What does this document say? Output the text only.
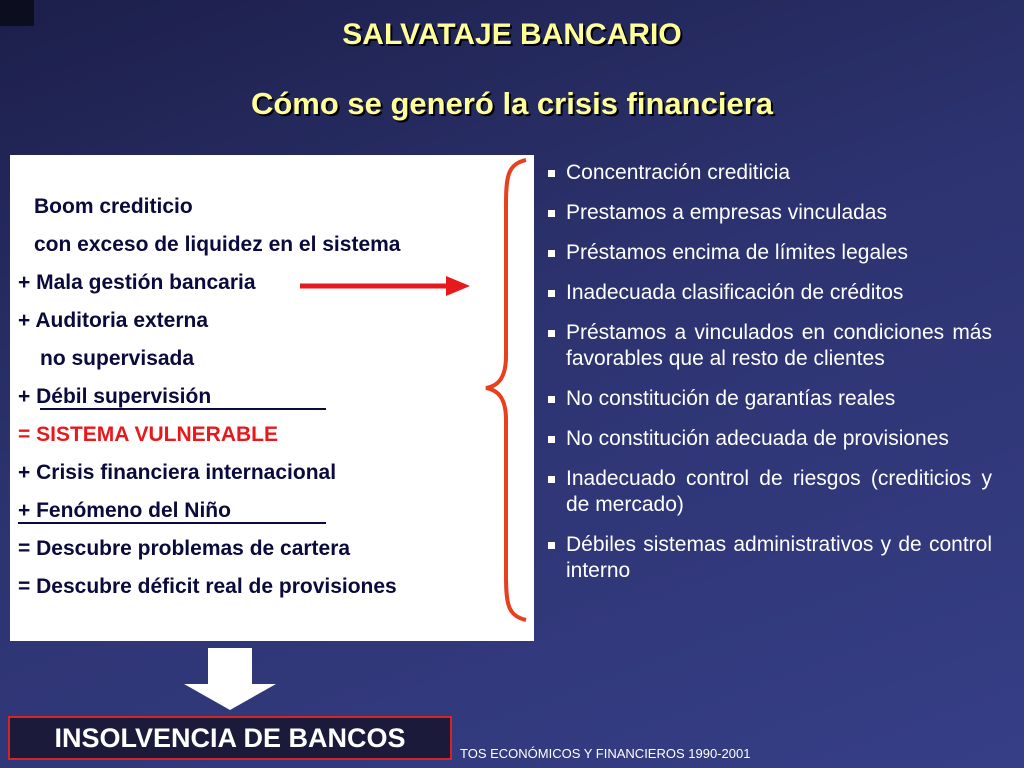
SALVATAJE BANCARIO
Cómo se generó la crisis financiera
Boom crediticio
con exceso de liquidez en el sistema
+ Mala gestión bancaria
+ Auditoria externa
no supervisada
+ Débil supervisión
= SISTEMA VULNERABLE
+ Crisis financiera internacional
+ Fenómeno del Niño
= Descubre problemas de cartera
= Descubre déficit real de provisiones
Concentración crediticia
Prestamos a empresas vinculadas
Préstamos encima de límites legales
Inadecuada clasificación de créditos
Préstamos a vinculados en condiciones más favorables que al resto de clientes
No constitución de garantías reales
No constitución adecuada de provisiones
Inadecuado control de riesgos (crediticios y de mercado)
Débiles sistemas administrativos y de control interno
INSOLVENCIA DE BANCOS
TOS ECONÓMICOS Y FINANCIEROS 1990-2001
